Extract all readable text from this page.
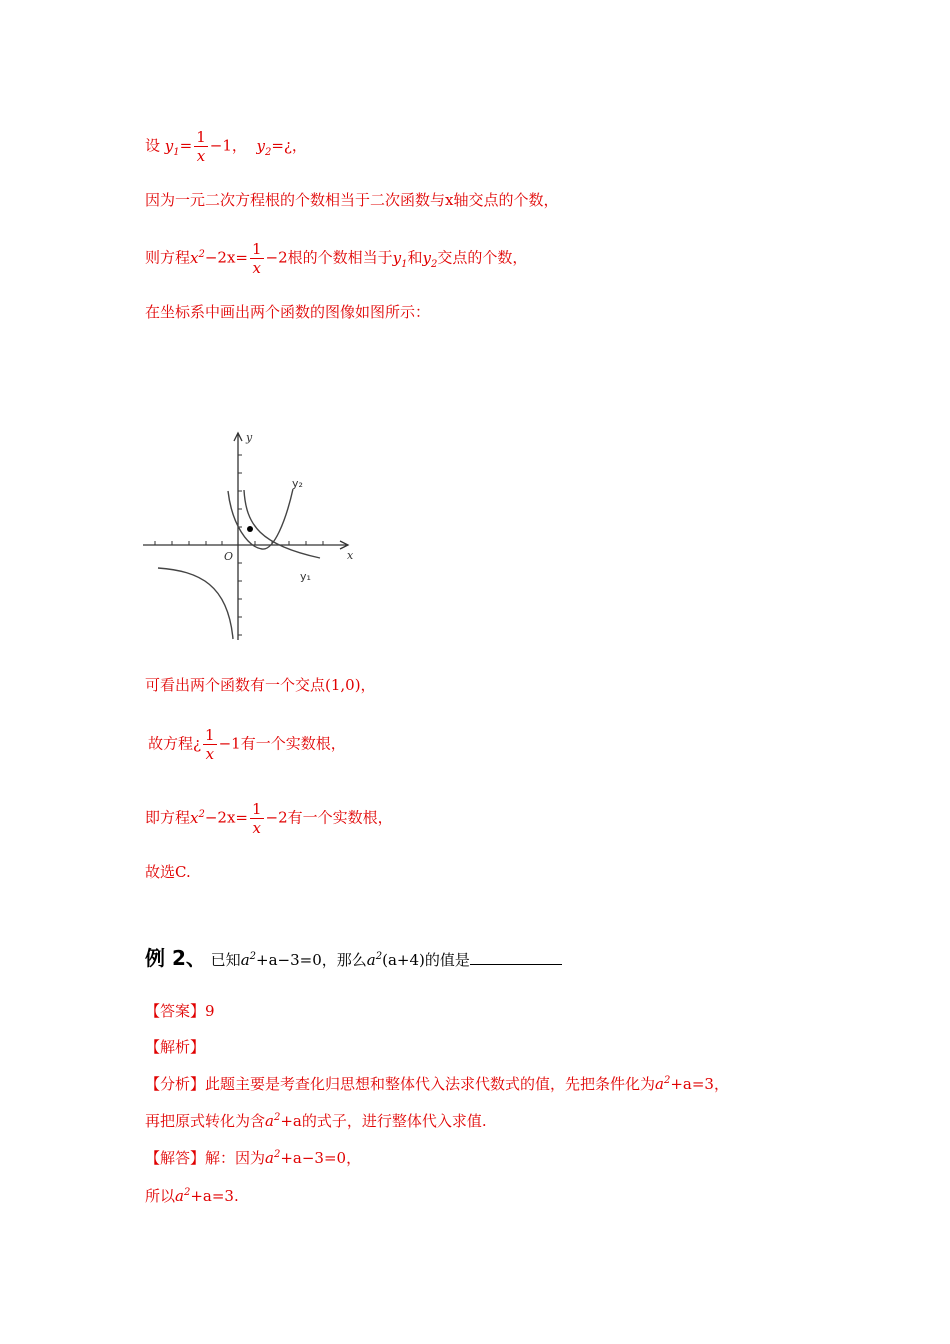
设 $y_1= \frac{1}{x} -1$， $y_2=¿$，
因为一元二次方程根的个数相当于二次函数与x轴交点的个数，
则方程$x^2-2x= \frac{1}{x} -2$根的个数相当于$y_1$和$y_2$交点的个数，
在坐标系中画出两个函数的图像如图所示：
y
x
O
y₂
y₁
可看出两个函数有一个交点(1,0)，
故方程¿ $\frac{1}{x} -1$有一个实数根，
即方程$x^2-2x= \frac{1}{x} -2$有一个实数根，
故选C.
例 2、 已知$a^2+a-3=0$，那么$a^2(a+4)$的值是
【答案】9
【解析】
【分析】此题主要是考查化归思想和整体代入法求代数式的值，先把条件化为$a^2+a=3$，
再把原式转化为含$a^2+a$的式子，进行整体代入求值.
【解答】解：因为$a^2+a-3=0$，
所以$a^2+a=3$.
